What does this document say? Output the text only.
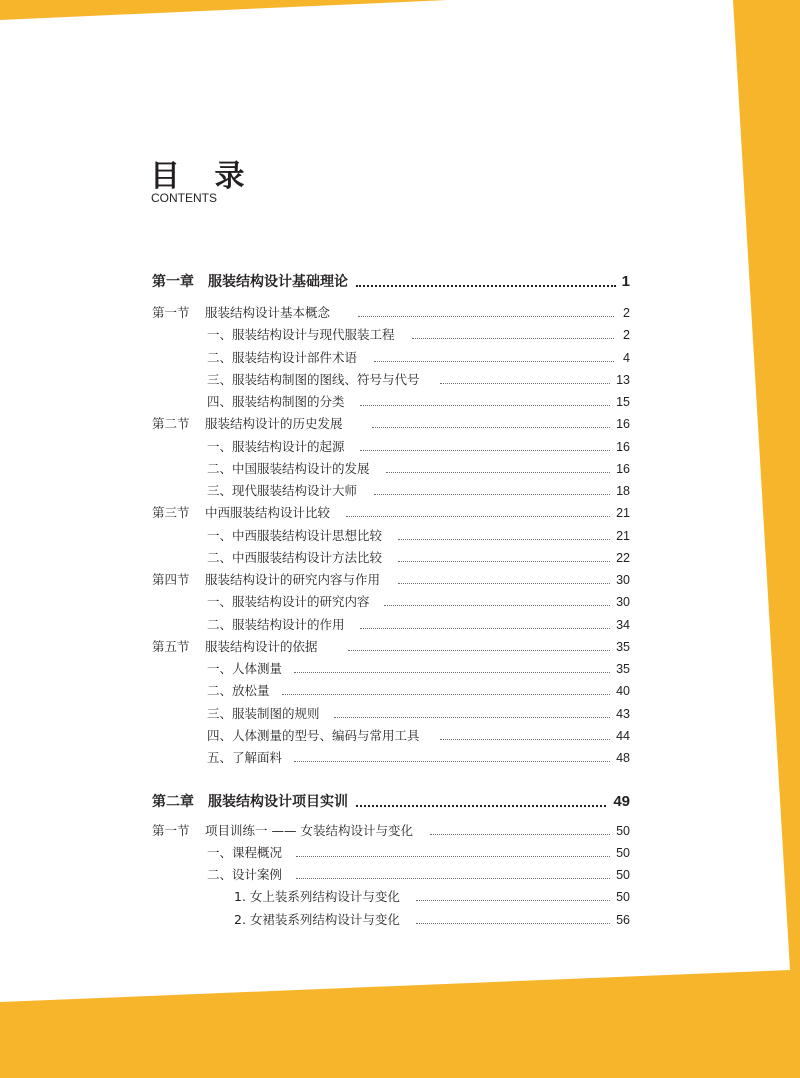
目 录
CONTENTS
第一章 服装结构设计基础理论	1
第一节 服装结构设计基本概念	2
一、服装结构设计与现代服装工程	2
二、服装结构设计部件术语	4
三、服装结构制图的图线、符号与代号	13
四、服装结构制图的分类	15
第二节 服装结构设计的历史发展	16
一、服装结构设计的起源	16
二、中国服装结构设计的发展	16
三、现代服装结构设计大师	18
第三节 中西服装结构设计比较	21
一、中西服装结构设计思想比较	21
二、中西服装结构设计方法比较	22
第四节 服装结构设计的研究内容与作用	30
一、服装结构设计的研究内容	30
二、服装结构设计的作用	34
第五节 服装结构设计的依据	35
一、人体测量	35
二、放松量	40
三、服装制图的规则	43
四、人体测量的型号、编码与常用工具	44
五、了解面料	48
第二章 服装结构设计项目实训	49
第一节 项目训练一 —— 女装结构设计与变化	50
一、课程概况	50
二、设计案例	50
1. 女上装系列结构设计与变化	50
2. 女裙装系列结构设计与变化	56
